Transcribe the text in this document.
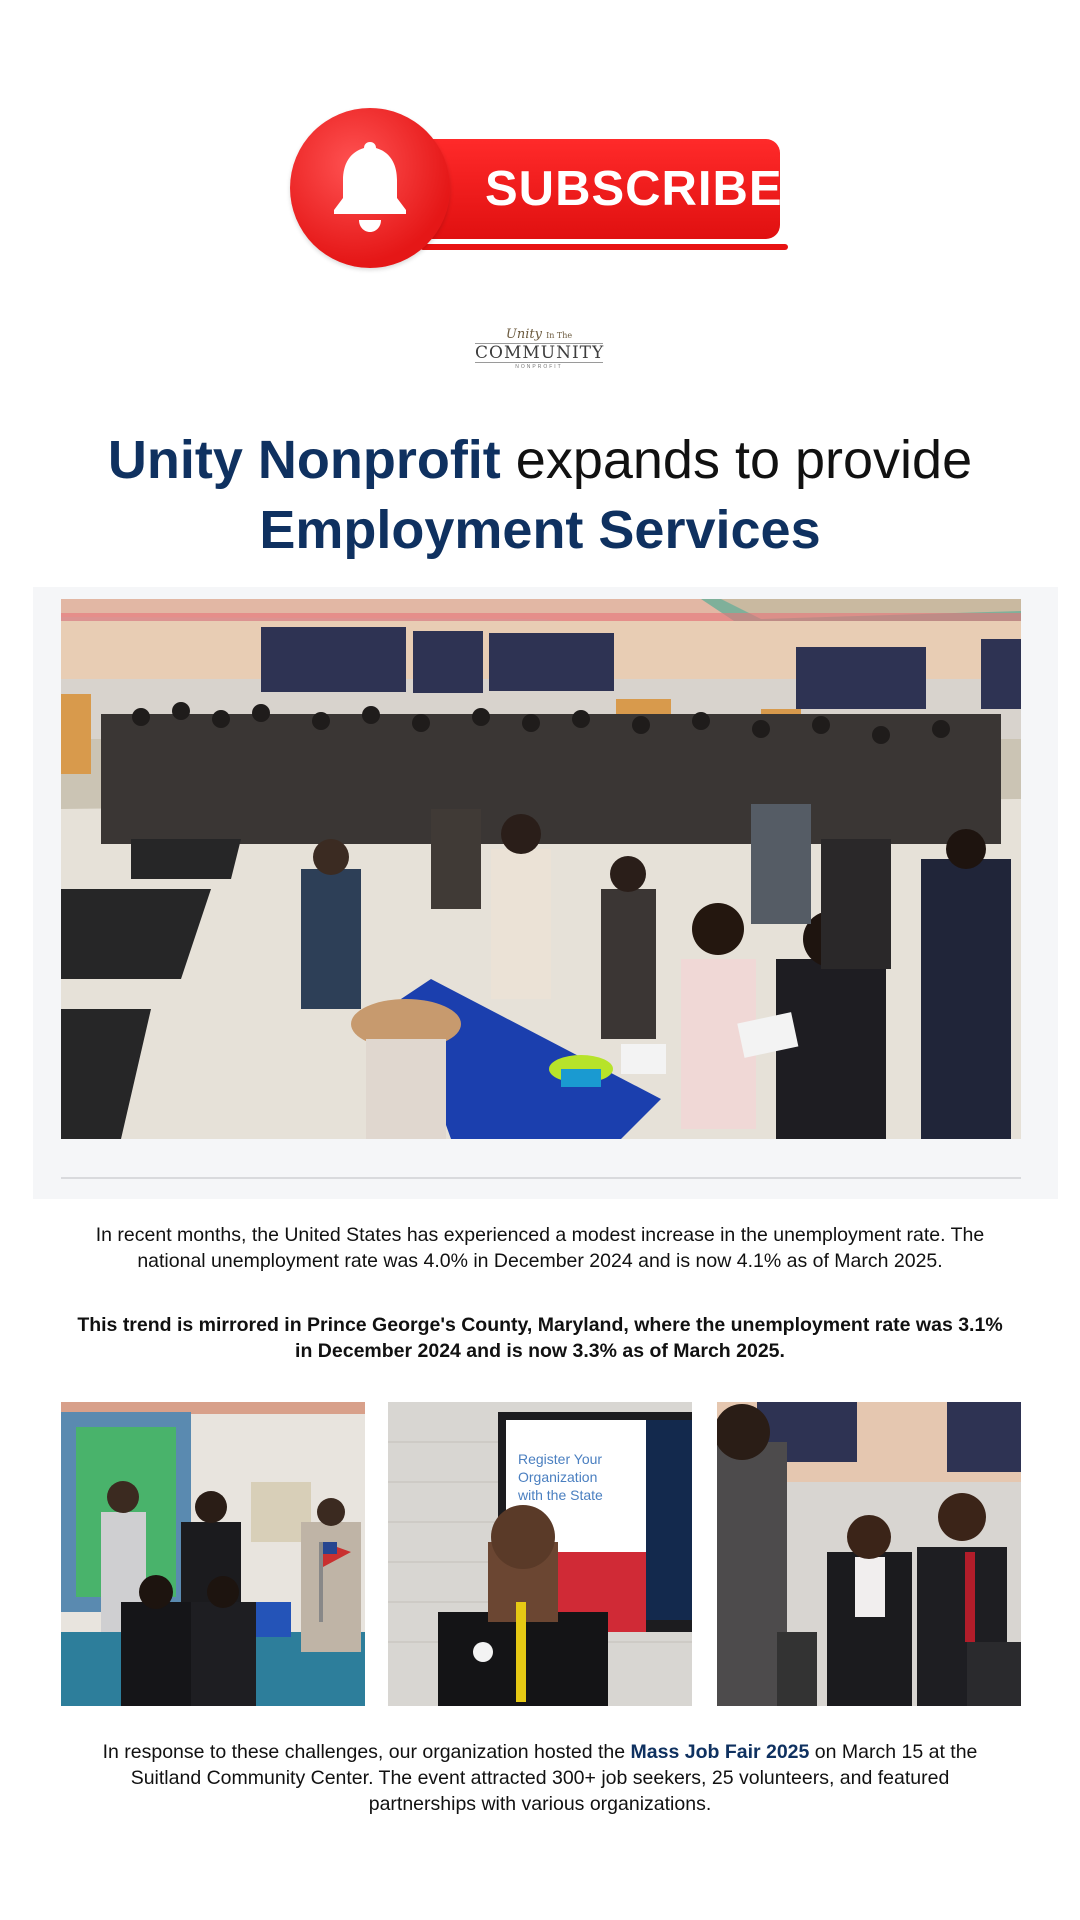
SUBSCRIBE
Unity In The
COMMUNITY
NONPROFIT
Unity Nonprofit expands to provide
Employment Services
In recent months, the United States has experienced a modest increase in the unemployment rate. The national unemployment rate was 4.0% in December 2024 and is now 4.1% as of March 2025.
This trend is mirrored in Prince George's County, Maryland, where the unemployment rate was 3.1% in December 2024 and is now 3.3% as of March 2025.
Register Your
Organization
with the State
In response to these challenges, our organization hosted the Mass Job Fair 2025 on March 15 at the Suitland Community Center. The event attracted 300+ job seekers, 25 volunteers, and featured partnerships with various organizations.
